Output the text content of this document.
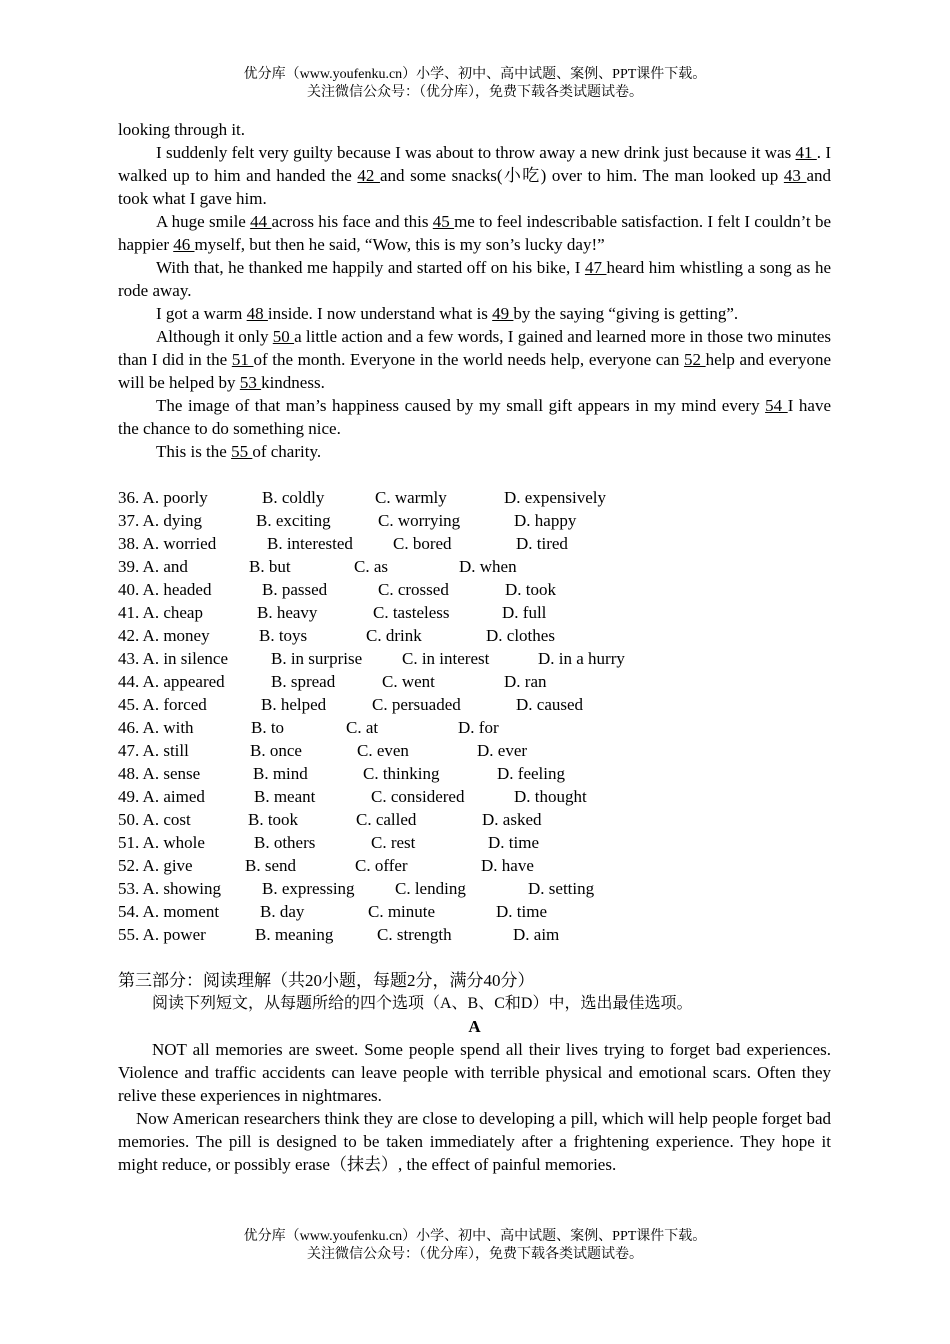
优分库（www.youfenku.cn）小学、初中、高中试题、案例、PPT课件下载。
关注微信公众号：（优分库），免费下载各类试题试卷。

looking through it.

I suddenly felt very guilty because I was about to throw away a new drink just because it was 41 . I walked up to him and handed the 42 and some snacks(小吃) over to him. The man looked up 43 and took what I gave him.

A huge smile 44 across his face and this 45 me to feel indescribable satisfaction. I felt I couldn’t be happier 46 myself, but then he said, “Wow, this is my son’s lucky day!”

With that, he thanked me happily and started off on his bike, I 47 heard him whistling a song as he rode away.

I got a warm 48 inside. I now understand what is 49 by the saying “giving is getting”.

Although it only 50 a little action and a few words, I gained and learned more in those two minutes than I did in the 51 of the month. Everyone in the world needs help, everyone can 52 help and everyone will be helped by 53 kindness.

The image of that man’s happiness caused by my small gift appears in my mind every 54 I have the chance to do something nice.

This is the 55 of charity.

36. A. poorly	B. coldly	C. warmly	D. expensively
37. A. dying	B. exciting	C. worrying	D. happy
38. A. worried	B. interested C. bored	D. tired
39. A. and	B. but	C. as	D. when
40. A. headed	B. passed	C. crossed	D. took
41. A. cheap	B. heavy	C. tasteless	D. full
42. A. money	B. toys	C. drink	D. clothes
43. A. in silence	B. in surprise C. in interest	D. in a hurry
44. A. appeared	B. spread	C. went	D. ran
45. A. forced	B. helped	C. persuaded	D. caused
46. A. with	B. to	C. at	D. for
47. A. still	B. once	C. even	D. ever
48. A. sense	B. mind	C. thinking	D. feeling
49. A. aimed	B. meant	C. considered	D. thought
50. A. cost	B. took	C. called	D. asked
51. A. whole	B. others	C. rest	D. time
52. A. give	B. send	C. offer	D. have
53. A. showing B. expressing C. lending	D. setting
54. A. moment B. day	C. minute	D. time
55. A. power	B. meaning	C. strength	D. aim

第三部分：阅读理解（共20小题，每题2分，满分40分）

阅读下列短文，从每题所给的四个选项（A、B、C和D）中，选出最佳选项。

A

NOT all memories are sweet. Some people spend all their lives trying to forget bad experiences. Violence and traffic accidents can leave people with terrible physical and emotional scars. Often they relive these experiences in nightmares.

Now American researchers think they are close to developing a pill, which will help people forget bad memories. The pill is designed to be taken immediately after a frightening experience. They hope it might reduce, or possibly erase（抹去）, the effect of painful memories.

优分库（www.youfenku.cn）小学、初中、高中试题、案例、PPT课件下载。
关注微信公众号：（优分库），免费下载各类试题试卷。
